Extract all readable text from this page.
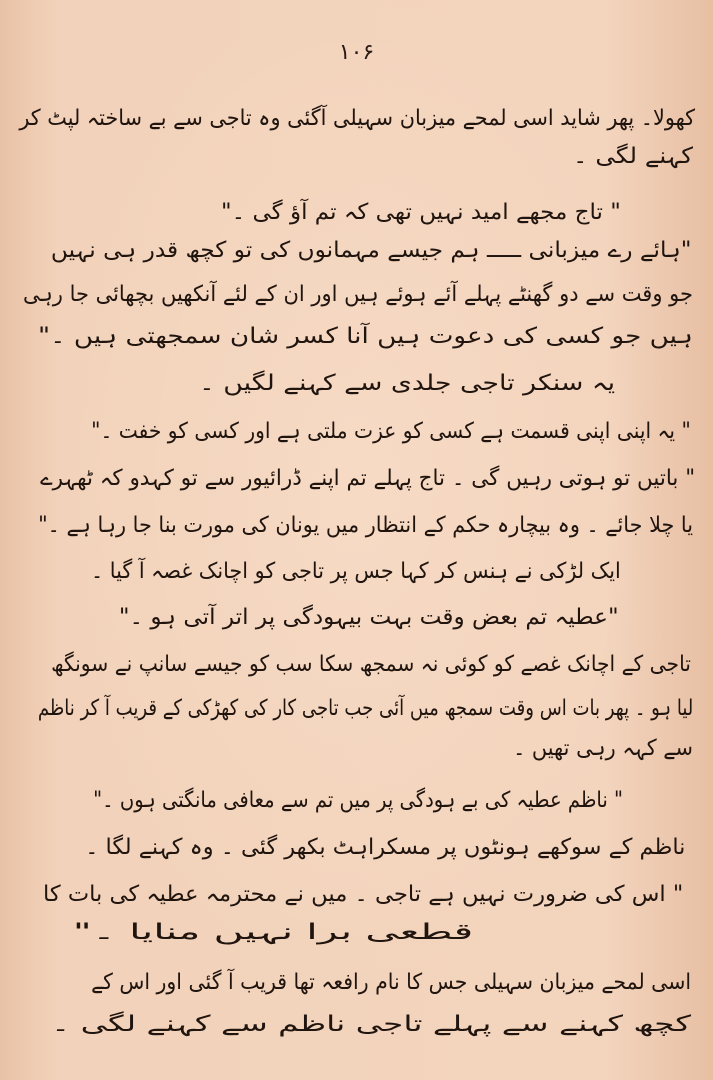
۱۰۶
کھولا۔ پھر شاید اسی لمحے میزبان سہیلی آگئی وہ تاجی سے بے ساختہ لپٹ کر
کہنے لگی ۔
" تاج مجھے امید نہیں تھی کہ تم آؤ گی ۔"
"ہائے رے میزبانی ـــــ ہم جیسے مہمانوں کی تو کچھ قدر ہی نہیں
جو وقت سے دو گھنٹے پہلے آئے ہوئے ہیں اور ان کے لئے آنکھیں بچھائی جا رہی
ہیں جو کسی کی دعوت ہیں آنا کسر شان سمجھتی ہیں ۔"
یہ سنکر تاجی جلدی سے کہنے لگیں ۔
" یہ اپنی اپنی قسمت ہے کسی کو عزت ملتی ہے اور کسی کو خفت ۔"
" باتیں تو ہوتی رہیں گی ۔ تاج پہلے تم اپنے ڈرائیور سے تو کہدو کہ ٹھہرے
یا چلا جائے ۔ وہ بیچارہ حکم کے انتظار میں یونان کی مورت بنا جا رہا ہے ۔"
ایک لڑکی نے ہنس کر کہا جس پر تاجی کو اچانک غصہ آ گیا ۔
"عطیہ تم بعض وقت بہت بیہودگی پر اتر آتی ہو ۔"
تاجی کے اچانک غصے کو کوئی نہ سمجھ سکا سب کو جیسے سانپ نے سونگھ
لیا ہو ۔ پھر بات اس وقت سمجھ میں آئی جب تاجی کار کی کھڑکی کے قریب آ کر ناظم
سے کہہ رہی تھیں ۔
" ناظم عطیہ کی بے ہودگی پر میں تم سے معافی مانگتی ہوں ۔"
ناظم کے سوکھے ہونٹوں پر مسکراہٹ بکھر گئی ۔ وہ کہنے لگا ۔
" اس کی ضرورت نہیں ہے تاجی ۔ میں نے محترمہ عطیہ کی بات کا
قطعی برا نہیں منایا ۔"
اسی لمحے میزبان سہیلی جس کا نام رافعہ تھا قریب آ گئی اور اس کے
کچھ کہنے سے پہلے تاجی ناظم سے کہنے لگی ۔
